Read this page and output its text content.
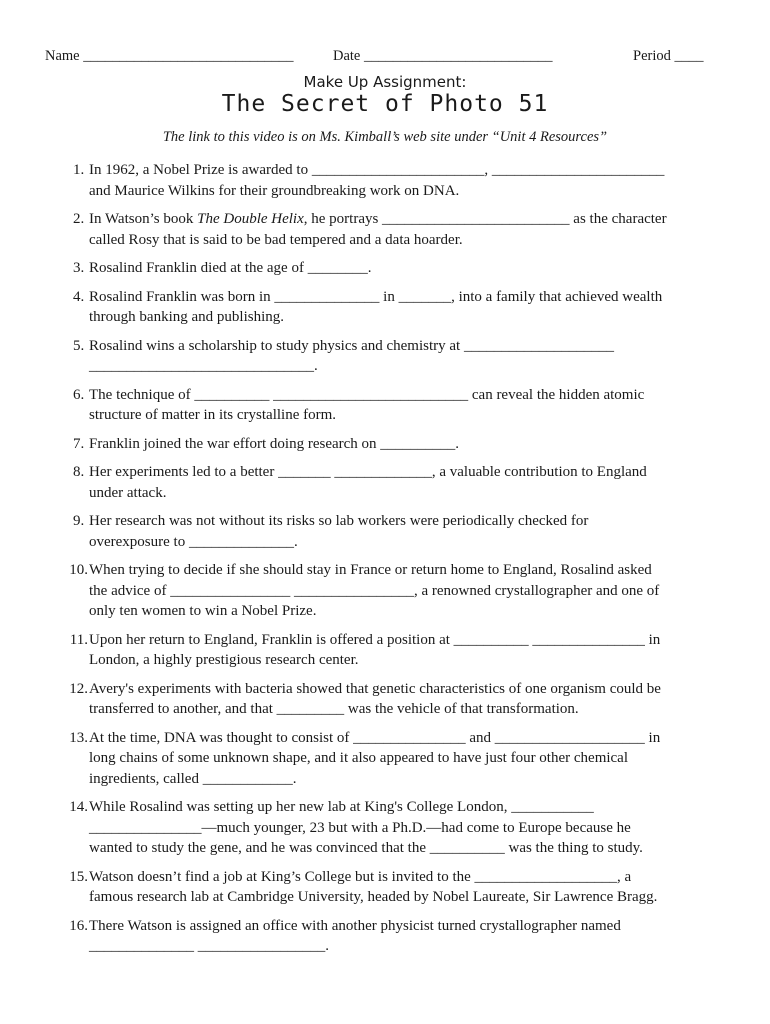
Name _____________________________	Date __________________________	Period ____
Make Up Assignment:
The Secret of Photo 51
The link to this video is on Ms. Kimball’s web site under “Unit 4 Resources”
1. In 1962, a Nobel Prize is awarded to _______________________, _______________________
and Maurice Wilkins for their groundbreaking work on DNA.
2. In Watson’s book The Double Helix, he portrays _________________________ as the character
called Rosy that is said to be bad tempered and a data hoarder.
3. Rosalind Franklin died at the age of ________.
4. Rosalind Franklin was born in ______________ in _______, into a family that achieved wealth
through banking and publishing.
5. Rosalind wins a scholarship to study physics and chemistry at ____________________
______________________________.
6. The technique of __________ __________________________ can reveal the hidden atomic
structure of matter in its crystalline form.
7. Franklin joined the war effort doing research on __________.
8. Her experiments led to a better _______ _____________, a valuable contribution to England
under attack.
9. Her research was not without its risks so lab workers were periodically checked for
overexposure to ______________.
10. When trying to decide if she should stay in France or return home to England, Rosalind asked
the advice of ________________ ________________, a renowned crystallographer and one of
only ten women to win a Nobel Prize.
11. Upon her return to England, Franklin is offered a position at __________ _______________ in
London, a highly prestigious research center.
12. Avery's experiments with bacteria showed that genetic characteristics of one organism could be
transferred to another, and that _________ was the vehicle of that transformation.
13. At the time, DNA was thought to consist of _______________ and ____________________ in
long chains of some unknown shape, and it also appeared to have just four other chemical
ingredients, called ____________.
14. While Rosalind was setting up her new lab at King's College London, ___________
_______________—much younger, 23 but with a Ph.D.—had come to Europe because he
wanted to study the gene, and he was convinced that the __________ was the thing to study.
15. Watson doesn’t find a job at King’s College but is invited to the ___________________, a
famous research lab at Cambridge University, headed by Nobel Laureate, Sir Lawrence Bragg.
16. There Watson is assigned an office with another physicist turned crystallographer named
______________ _________________.
